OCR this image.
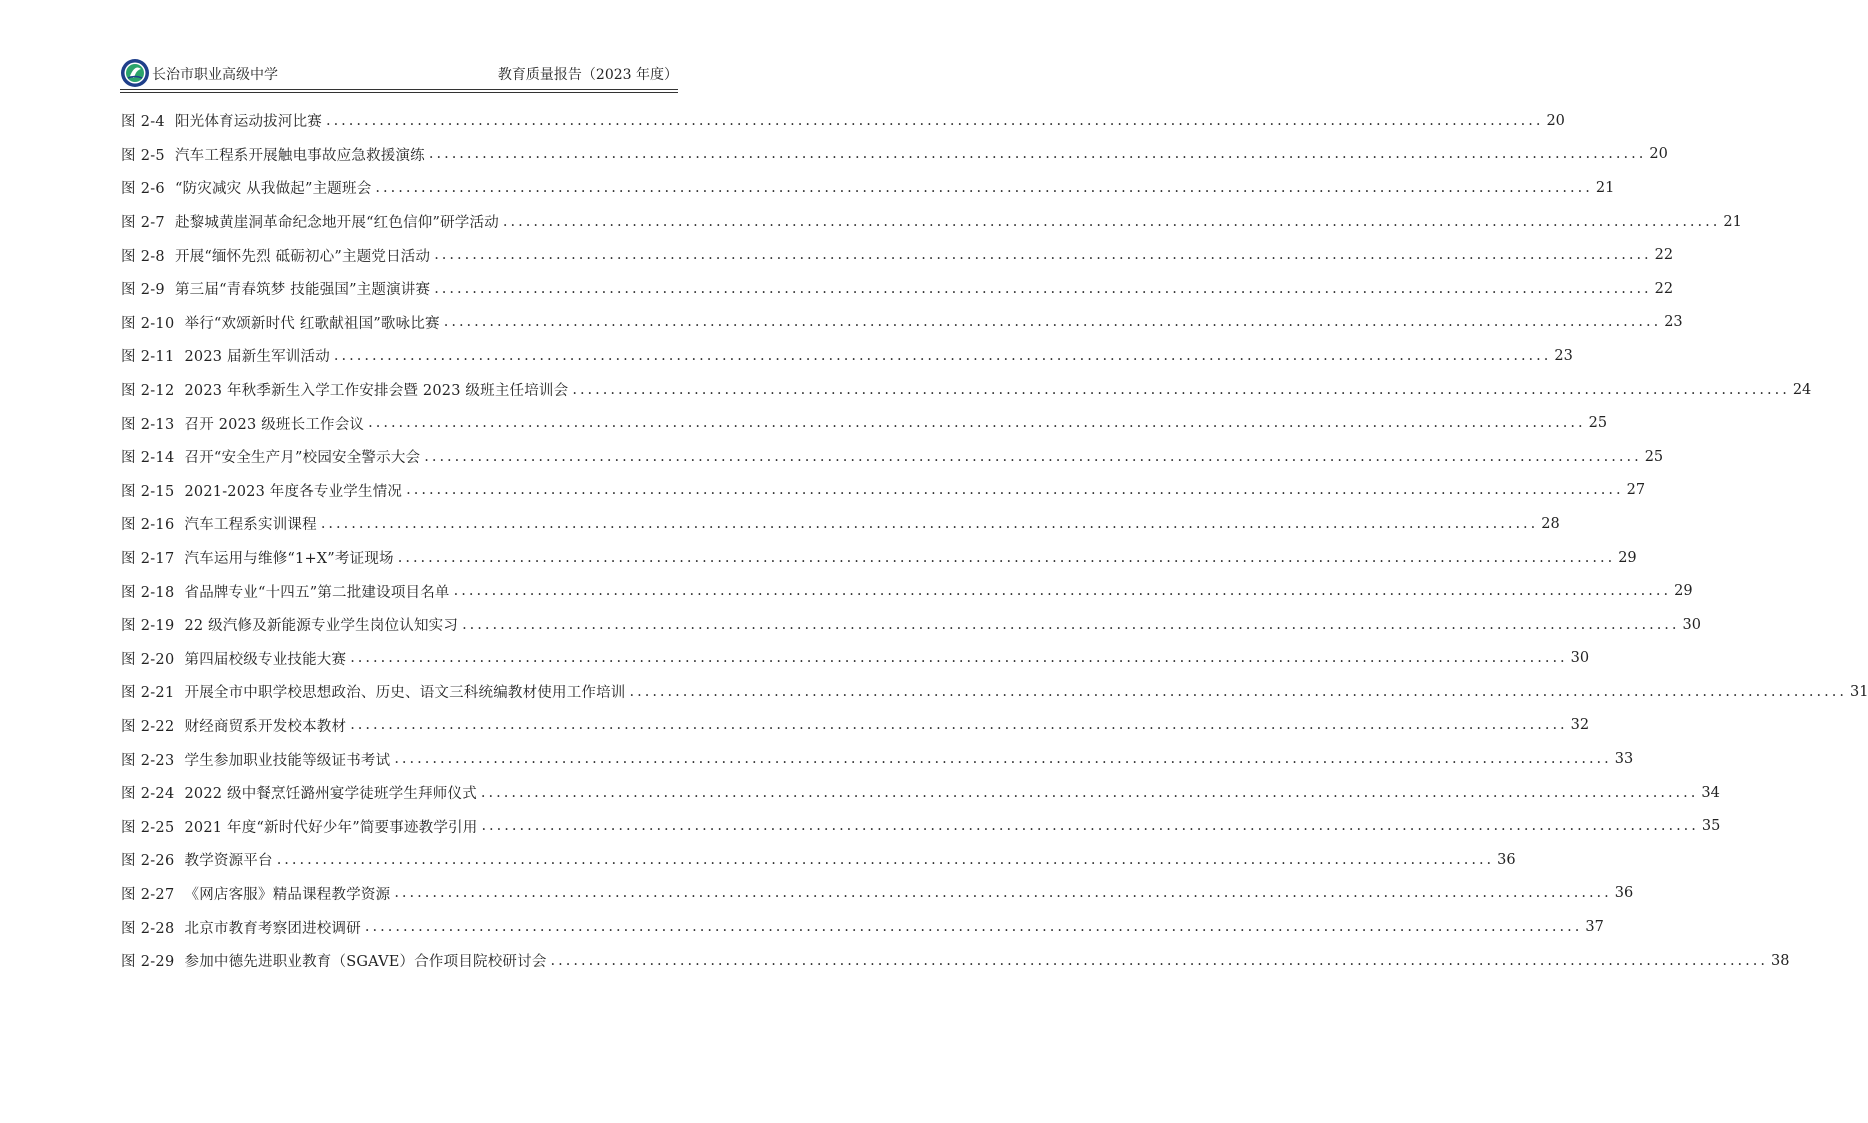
长治市职业高级中学	教育质量报告（2023 年度）
图 2-4 阳光体育运动拔河比赛 ................................................................................................................................................................ 20
图 2-5 汽车工程系开展触电事故应急救援演练 ................................................................................................................................................................ 20
图 2-6 “防灾减灾 从我做起”主题班会 ................................................................................................................................................................ 21
图 2-7 赴黎城黄崖洞革命纪念地开展“红色信仰”研学活动 ................................................................................................................................................................ 21
图 2-8 开展“缅怀先烈 砥砺初心”主题党日活动 ................................................................................................................................................................ 22
图 2-9 第三届“青春筑梦 技能强国”主题演讲赛 ................................................................................................................................................................ 22
图 2-10 举行“欢颂新时代 红歌献祖国”歌咏比赛 ................................................................................................................................................................ 23
图 2-11 2023 届新生军训活动 ................................................................................................................................................................ 23
图 2-12 2023 年秋季新生入学工作安排会暨 2023 级班主任培训会 ................................................................................................................................................................ 24
图 2-13 召开 2023 级班长工作会议 ................................................................................................................................................................ 25
图 2-14 召开“安全生产月”校园安全警示大会 ................................................................................................................................................................ 25
图 2-15 2021-2023 年度各专业学生情况 ................................................................................................................................................................ 27
图 2-16 汽车工程系实训课程 ................................................................................................................................................................ 28
图 2-17 汽车运用与维修“1+X”考证现场 ................................................................................................................................................................ 29
图 2-18 省品牌专业“十四五”第二批建设项目名单 ................................................................................................................................................................ 29
图 2-19 22 级汽修及新能源专业学生岗位认知实习 ................................................................................................................................................................ 30
图 2-20 第四届校级专业技能大赛 ................................................................................................................................................................ 30
图 2-21 开展全市中职学校思想政治、历史、语文三科统编教材使用工作培训 ................................................................................................................................................................ 31
图 2-22 财经商贸系开发校本教材 ................................................................................................................................................................ 32
图 2-23 学生参加职业技能等级证书考试 ................................................................................................................................................................ 33
图 2-24 2022 级中餐烹饪潞州宴学徒班学生拜师仪式 ................................................................................................................................................................ 34
图 2-25 2021 年度“新时代好少年”简要事迹教学引用 ................................................................................................................................................................ 35
图 2-26 教学资源平台 ................................................................................................................................................................ 36
图 2-27 《网店客服》精品课程教学资源 ................................................................................................................................................................ 36
图 2-28 北京市教育考察团进校调研 ................................................................................................................................................................ 37
图 2-29 参加中德先进职业教育（SGAVE）合作项目院校研讨会 ................................................................................................................................................................ 38
